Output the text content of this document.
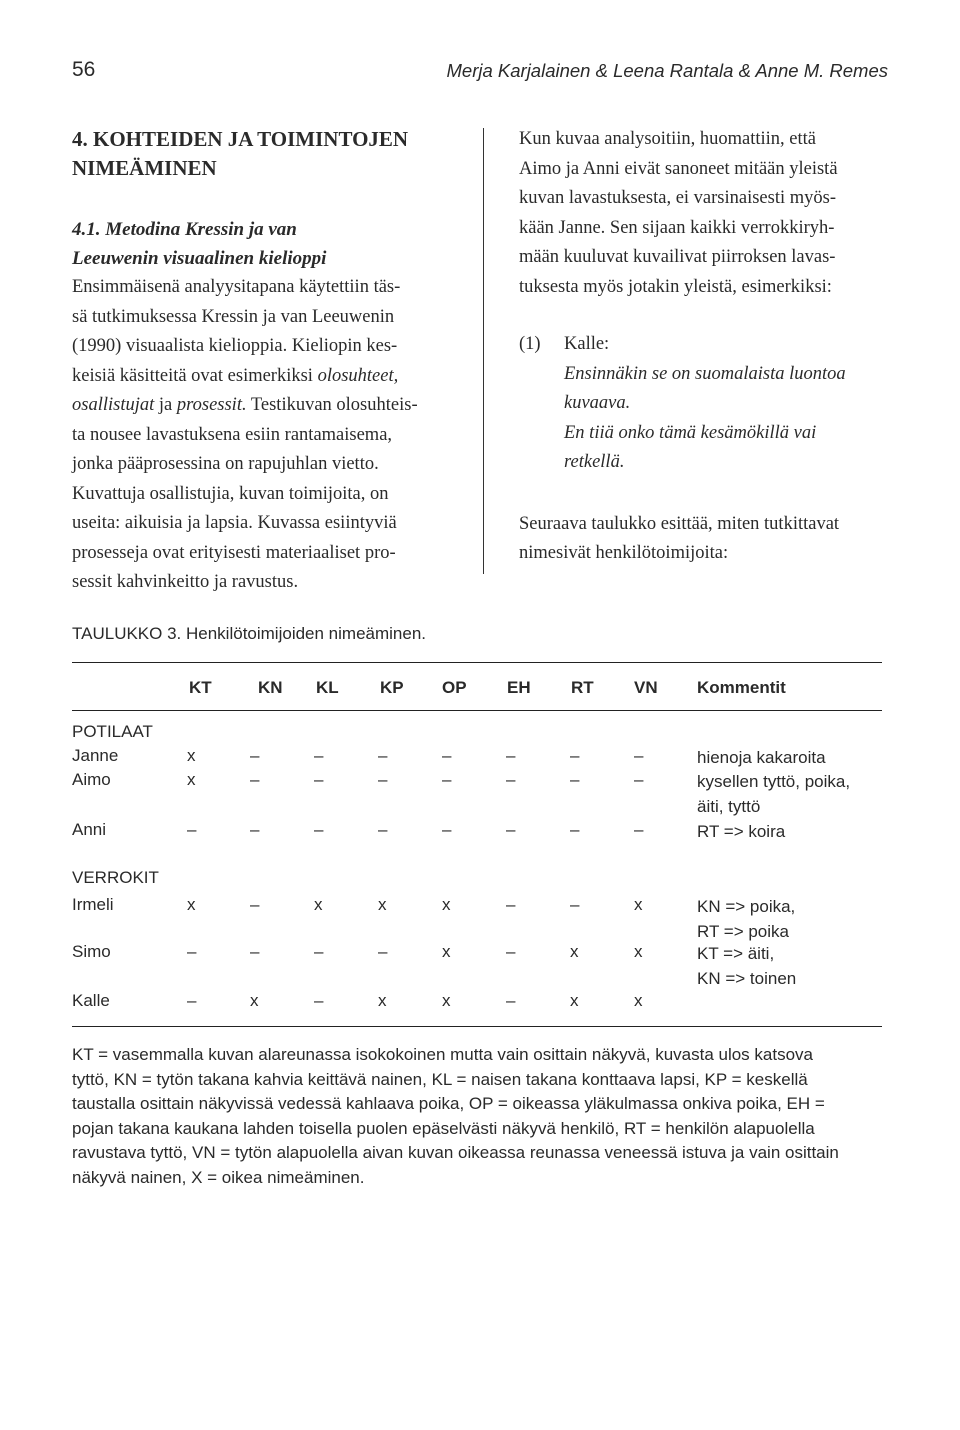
56	Merja Karjalainen & Leena Rantala & Anne M. Remes
4. KOHTEIDEN JA TOIMINTOJEN
NIMEÄMINEN
4.1. Metodina Kressin ja van
Leeuwenin visuaalinen kielioppi
Ensimmäisenä analyysitapana käytettiin täs-
sä tutkimuksessa Kressin ja van Leeuwenin
(1990) visuaalista kielioppia. Kieliopin kes-
keisiä käsitteitä ovat esimerkiksi olosuhteet,
osallistujat ja prosessit. Testikuvan olosuhteis-
ta nousee lavastuksena esiin rantamaisema,
jonka pääprosessina on rapujuhlan vietto.
Kuvattuja osallistujia, kuvan toimijoita, on
useita: aikuisia ja lapsia. Kuvassa esiintyviä
prosesseja ovat erityisesti materiaaliset pro-
sessit kahvinkeitto ja ravustus.
Kun kuvaa analysoitiin, huomattiin, että
Aimo ja Anni eivät sanoneet mitään yleistä
kuvan lavastuksesta, ei varsinaisesti myös-
kään Janne. Sen sijaan kaikki verrokkiryh-
mään kuuluvat kuvailivat piirroksen lavas-
tuksesta myös jotakin yleistä, esimerkiksi:
(1) Kalle:
Ensinnäkin se on suomalaista luontoa
kuvaava.
En tiiä onko tämä kesämökillä vai
retkellä.
Seuraava taulukko esittää, miten tutkittavat
nimesivät henkilötoimijoita:
TAULUKKO 3. Henkilötoimijoiden nimeäminen.
KT	KN KL KP OP EH RT VN Kommentit
POTILAAT
Janne	x	–	–	–	–	–	–	–	hienoja kakaroita
Aimo	x	–	–	–	–	–	–	–	kysellen tyttö, poika,
äiti, tyttö
Anni	–	–	–	–	–	–	–	–	RT => koira
VERROKIT
Irmeli	x	–	x	x	x	–	–	x	KN => poika,
RT => poika
Simo	–	–	–	–	x	–	x	x	KT => äiti,
KN => toinen
Kalle	–	x	–	x	x	–	x	x
KT = vasemmalla kuvan alareunassa isokokoinen mutta vain osittain näkyvä, kuvasta ulos katsova
tyttö, KN = tytön takana kahvia keittävä nainen, KL = naisen takana konttaava lapsi, KP = keskellä
taustalla osittain näkyvissä vedessä kahlaava poika, OP = oikeassa yläkulmassa onkiva poika, EH =
pojan takana kaukana lahden toisella puolen epäselvästi näkyvä henkilö, RT = henkilön alapuolella
ravustava tyttö, VN = tytön alapuolella aivan kuvan oikeassa reunassa veneessä istuva ja vain osittain
näkyvä nainen, X = oikea nimeäminen.
